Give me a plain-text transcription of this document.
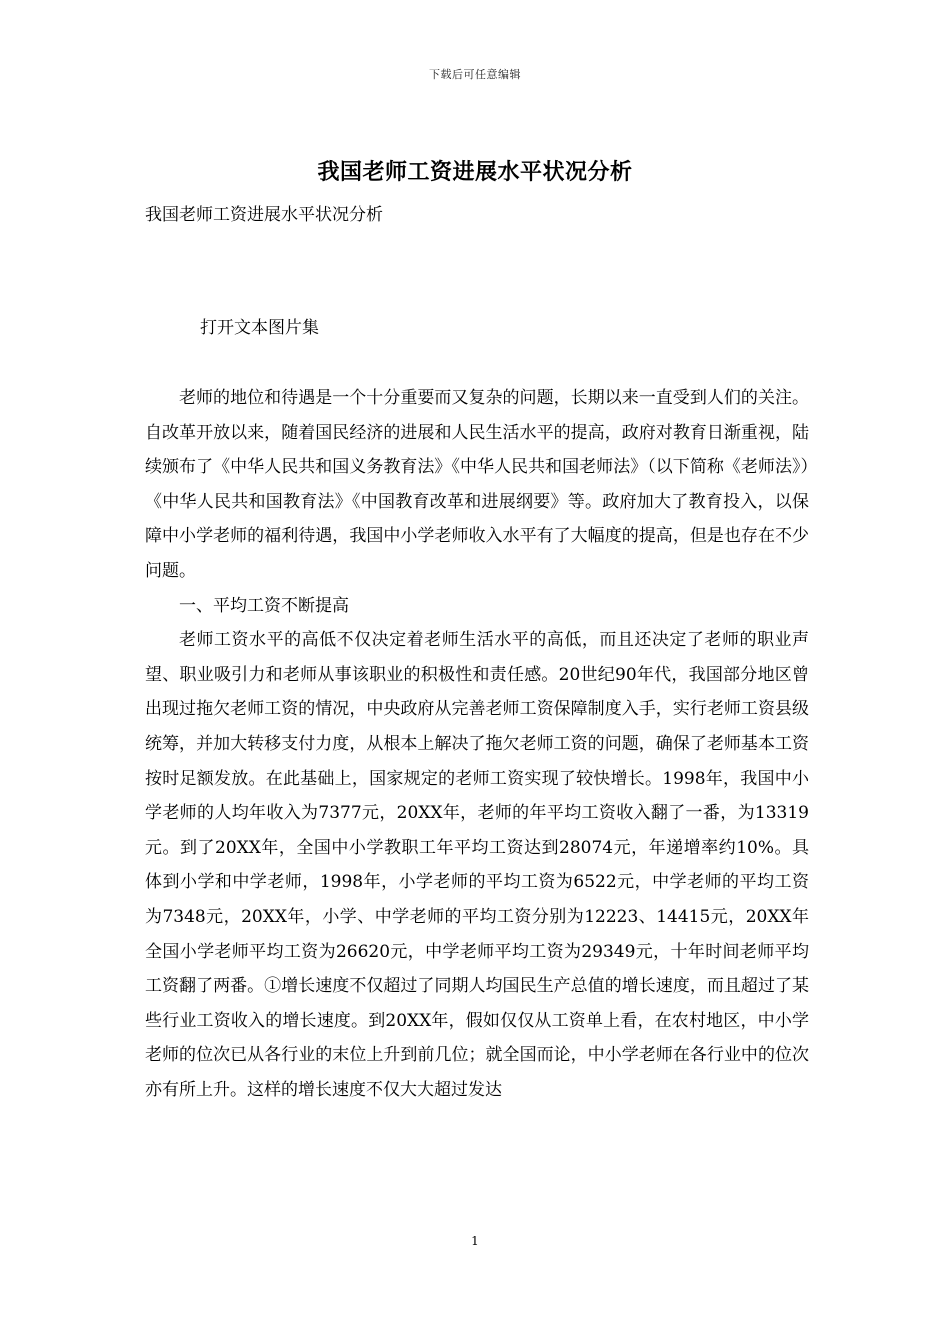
下载后可任意编辑
我国老师工资进展水平状况分析
我国老师工资进展水平状况分析
打开文本图片集

老师的地位和待遇是一个十分重要而又复杂的问题，长期以来一直受到人们的关注。自改革开放以来，随着国民经济的进展和人民生活水平的提高，政府对教育日渐重视，陆续颁布了《中华人民共和国义务教育法》《中华人民共和国老师法》（以下简称《老师法》）《中华人民共和国教育法》《中国教育改革和进展纲要》等。政府加大了教育投入，以保障中小学老师的福利待遇，我国中小学老师收入水平有了大幅度的提高，但是也存在不少问题。

一、平均工资不断提高

老师工资水平的高低不仅决定着老师生活水平的高低，而且还决定了老师的职业声望、职业吸引力和老师从事该职业的积极性和责任感。20世纪90年代，我国部分地区曾出现过拖欠老师工资的情况，中央政府从完善老师工资保障制度入手，实行老师工资县级统筹，并加大转移支付力度，从根本上解决了拖欠老师工资的问题，确保了老师基本工资按时足额发放。在此基础上，国家规定的老师工资实现了较快增长。1998年，我国中小学老师的人均年收入为7377元，20XX年，老师的年平均工资收入翻了一番，为13319元。到了20XX年，全国中小学教职工年平均工资达到28074元，年递增率约10%。具体到小学和中学老师，1998年，小学老师的平均工资为6522元，中学老师的平均工资为7348元，20XX年，小学、中学老师的平均工资分别为12223、14415元，20XX年全国小学老师平均工资为26620元，中学老师平均工资为29349元，十年时间老师平均工资翻了两番。①增长速度不仅超过了同期人均国民生产总值的增长速度，而且超过了某些行业工资收入的增长速度。到20XX年，假如仅仅从工资单上看，在农村地区，中小学老师的位次已从各行业的末位上升到前几位；就全国而论，中小学老师在各行业中的位次亦有所上升。这样的增长速度不仅大大超过发达

1
